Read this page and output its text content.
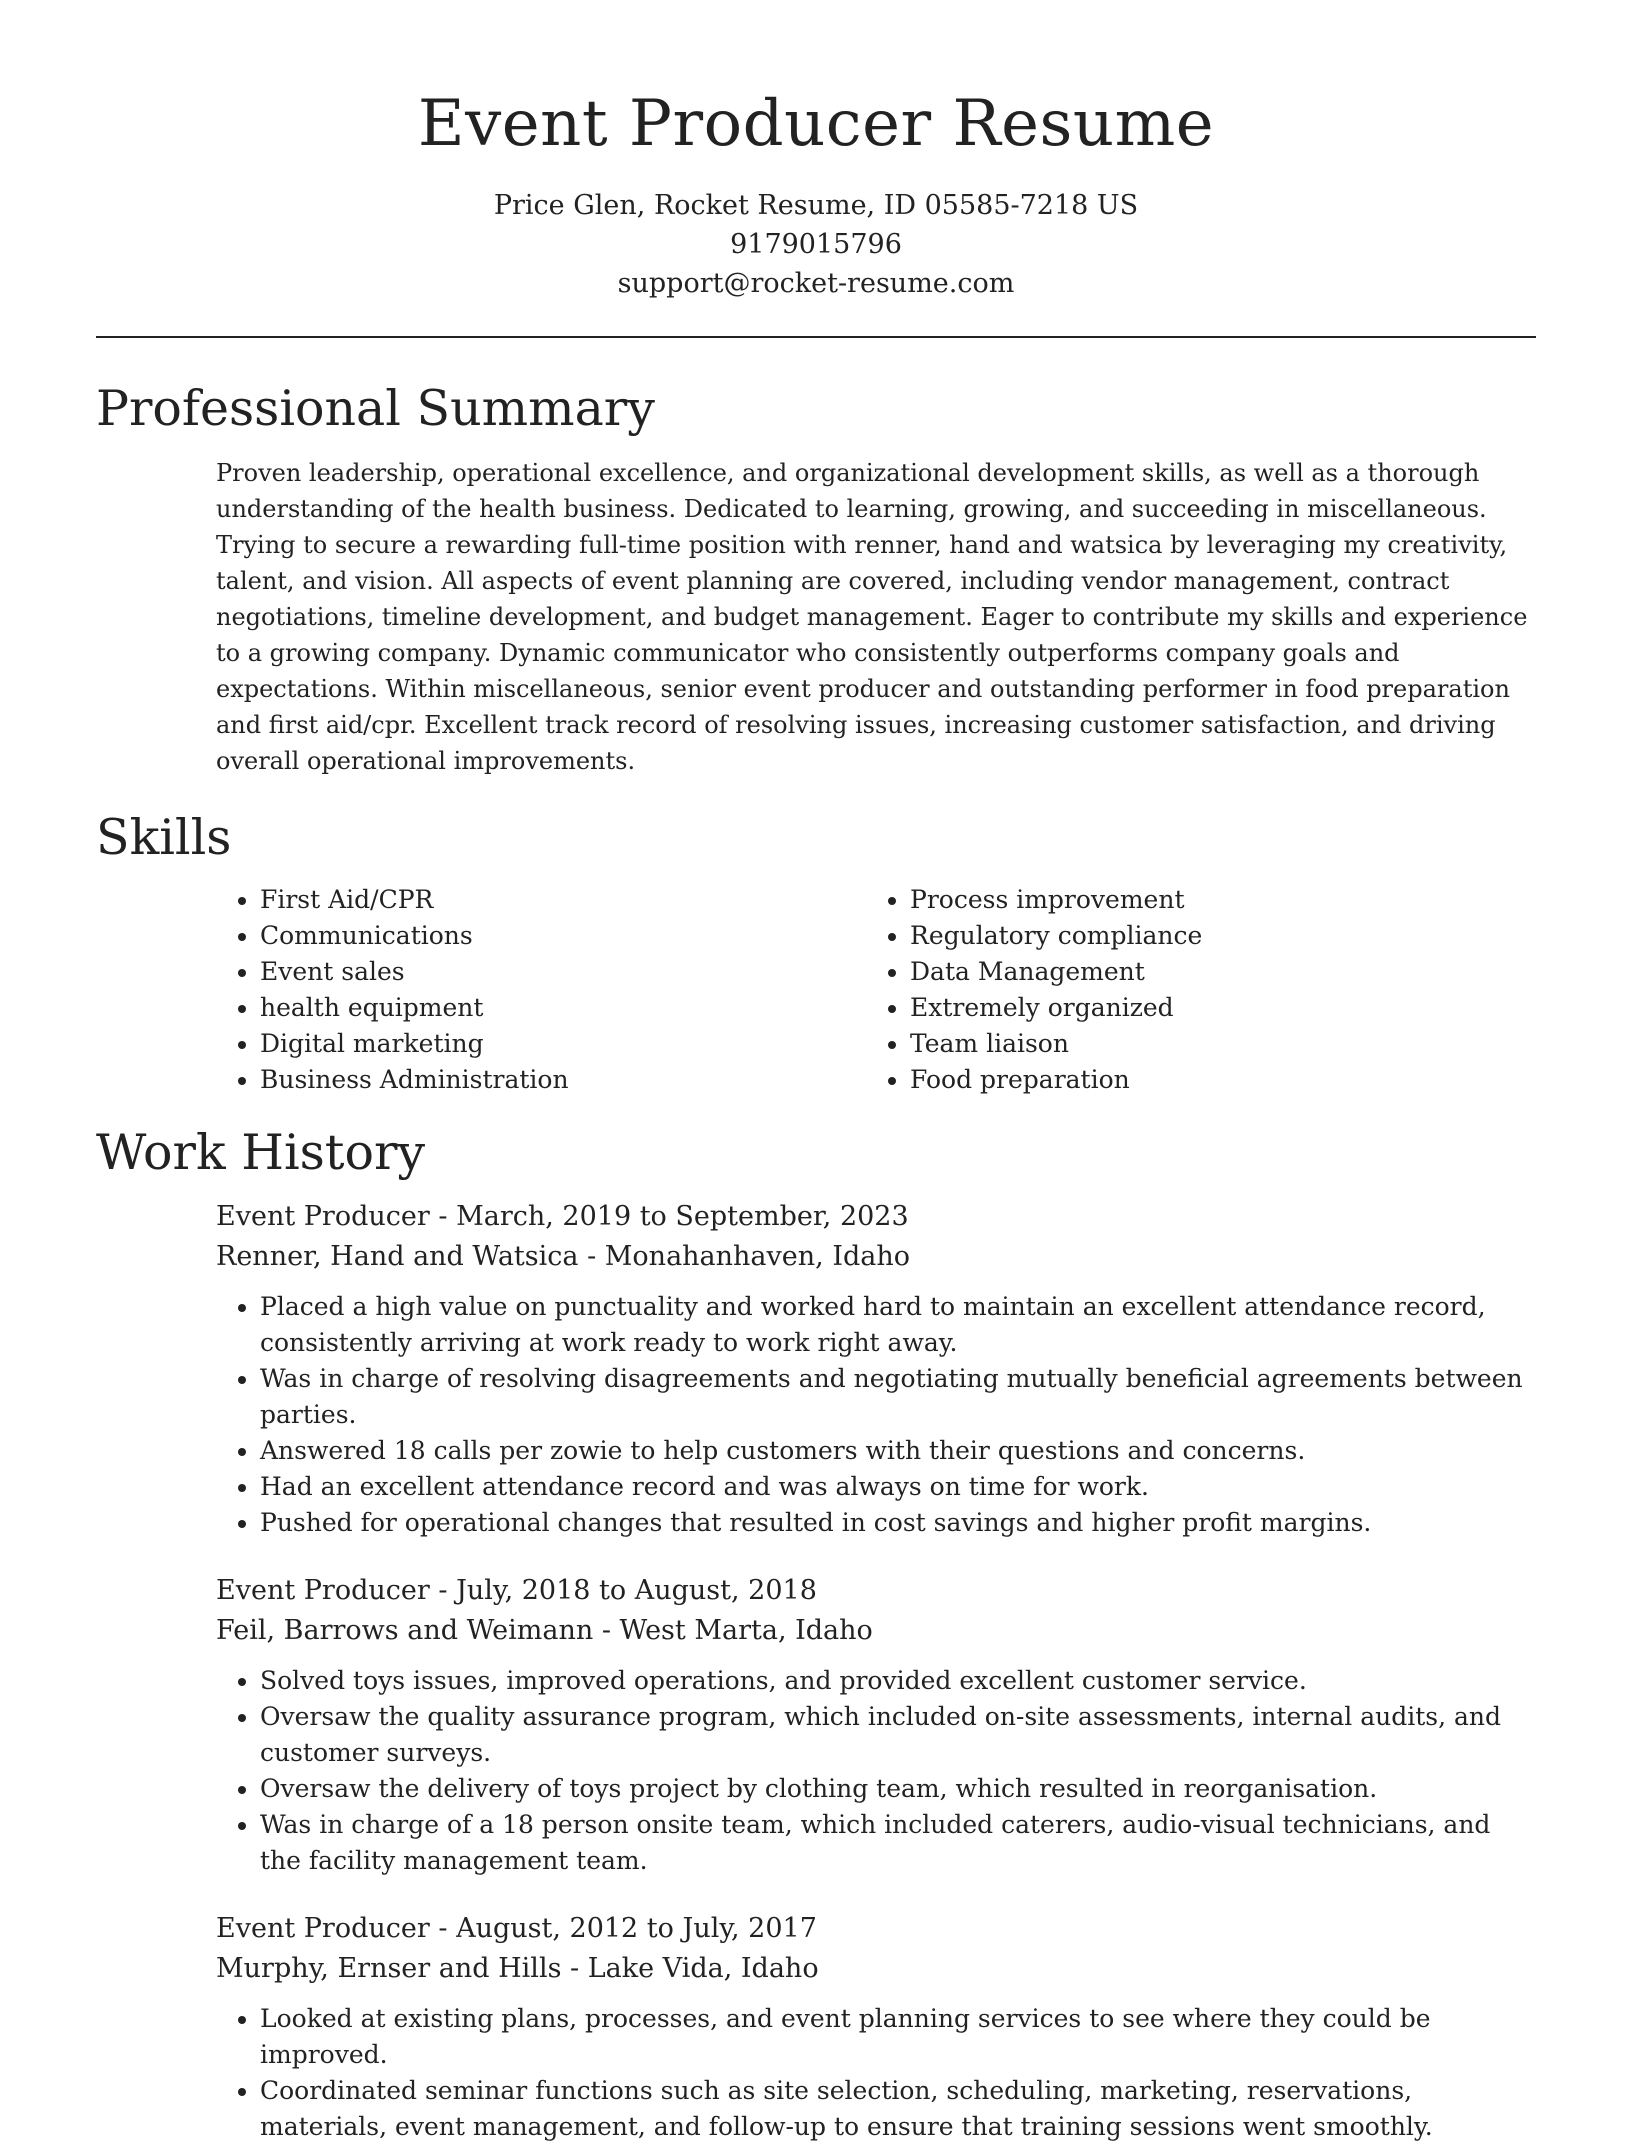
Event Producer Resume
Price Glen, Rocket Resume, ID 05585-7218 US
9179015796
support@rocket-resume.com
Professional Summary
Proven leadership, operational excellence, and organizational development skills, as well as a thorough understanding of the health business. Dedicated to learning, growing, and succeeding in miscellaneous. Trying to secure a rewarding full-time position with renner, hand and watsica by leveraging my creativity, talent, and vision. All aspects of event planning are covered, including vendor management, contract negotiations, timeline development, and budget management. Eager to contribute my skills and experience to a growing company. Dynamic communicator who consistently outperforms company goals and expectations. Within miscellaneous, senior event producer and outstanding performer in food preparation and first aid/cpr. Excellent track record of resolving issues, increasing customer satisfaction, and driving overall operational improvements.
Skills
• First Aid/CPR
• Communications
• Event sales
• health equipment
• Digital marketing
• Business Administration
• Process improvement
• Regulatory compliance
• Data Management
• Extremely organized
• Team liaison
• Food preparation
Work History
Event Producer - March, 2019 to September, 2023
Renner, Hand and Watsica - Monahanhaven, Idaho
• Placed a high value on punctuality and worked hard to maintain an excellent attendance record, consistently arriving at work ready to work right away.
• Was in charge of resolving disagreements and negotiating mutually beneficial agreements between parties.
• Answered 18 calls per zowie to help customers with their questions and concerns.
• Had an excellent attendance record and was always on time for work.
• Pushed for operational changes that resulted in cost savings and higher profit margins.
Event Producer - July, 2018 to August, 2018
Feil, Barrows and Weimann - West Marta, Idaho
• Solved toys issues, improved operations, and provided excellent customer service.
• Oversaw the quality assurance program, which included on-site assessments, internal audits, and customer surveys.
• Oversaw the delivery of toys project by clothing team, which resulted in reorganisation.
• Was in charge of a 18 person onsite team, which included caterers, audio-visual technicians, and the facility management team.
Event Producer - August, 2012 to July, 2017
Murphy, Ernser and Hills - Lake Vida, Idaho
• Looked at existing plans, processes, and event planning services to see where they could be improved.
• Coordinated seminar functions such as site selection, scheduling, marketing, reservations, materials, event management, and follow-up to ensure that training sessions went smoothly.
